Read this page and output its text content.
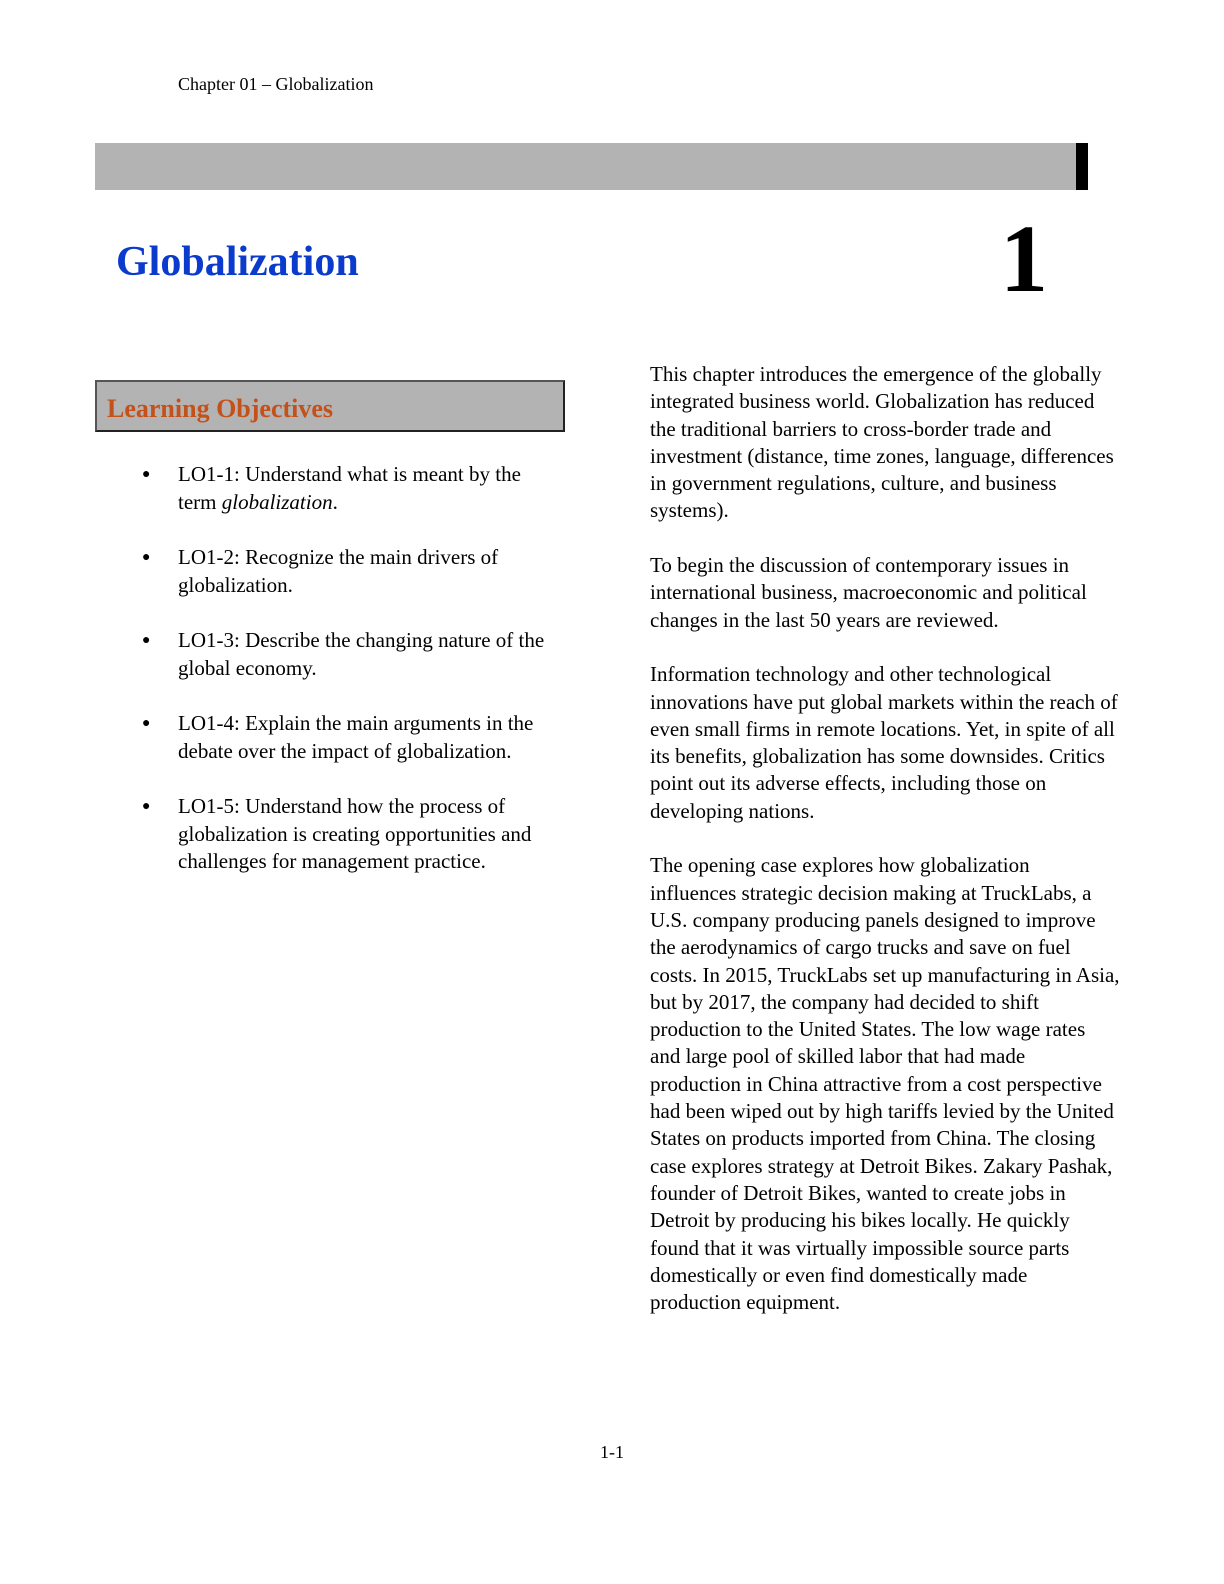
Chapter 01 – Globalization
Globalization	1
Learning Objectives
● LO1-1: Understand what is meant by the term globalization.
● LO1-2: Recognize the main drivers of globalization.
● LO1-3: Describe the changing nature of the global economy.
● LO1-4: Explain the main arguments in the debate over the impact of globalization.
● LO1-5: Understand how the process of globalization is creating opportunities and challenges for management practice.

This chapter introduces the emergence of the globally integrated business world. Globalization has reduced the traditional barriers to cross-border trade and investment (distance, time zones, language, differences in government regulations, culture, and business systems).

To begin the discussion of contemporary issues in international business, macroeconomic and political changes in the last 50 years are reviewed.

Information technology and other technological innovations have put global markets within the reach of even small firms in remote locations. Yet, in spite of all its benefits, globalization has some downsides. Critics point out its adverse effects, including those on developing nations.

The opening case explores how globalization influences strategic decision making at TruckLabs, a U.S. company producing panels designed to improve the aerodynamics of cargo trucks and save on fuel costs. In 2015, TruckLabs set up manufacturing in Asia, but by 2017, the company had decided to shift production to the United States. The low wage rates and large pool of skilled labor that had made production in China attractive from a cost perspective had been wiped out by high tariffs levied by the United States on products imported from China. The closing case explores strategy at Detroit Bikes. Zakary Pashak, founder of Detroit Bikes, wanted to create jobs in Detroit by producing his bikes locally. He quickly found that it was virtually impossible source parts domestically or even find domestically made production equipment.

1-1
